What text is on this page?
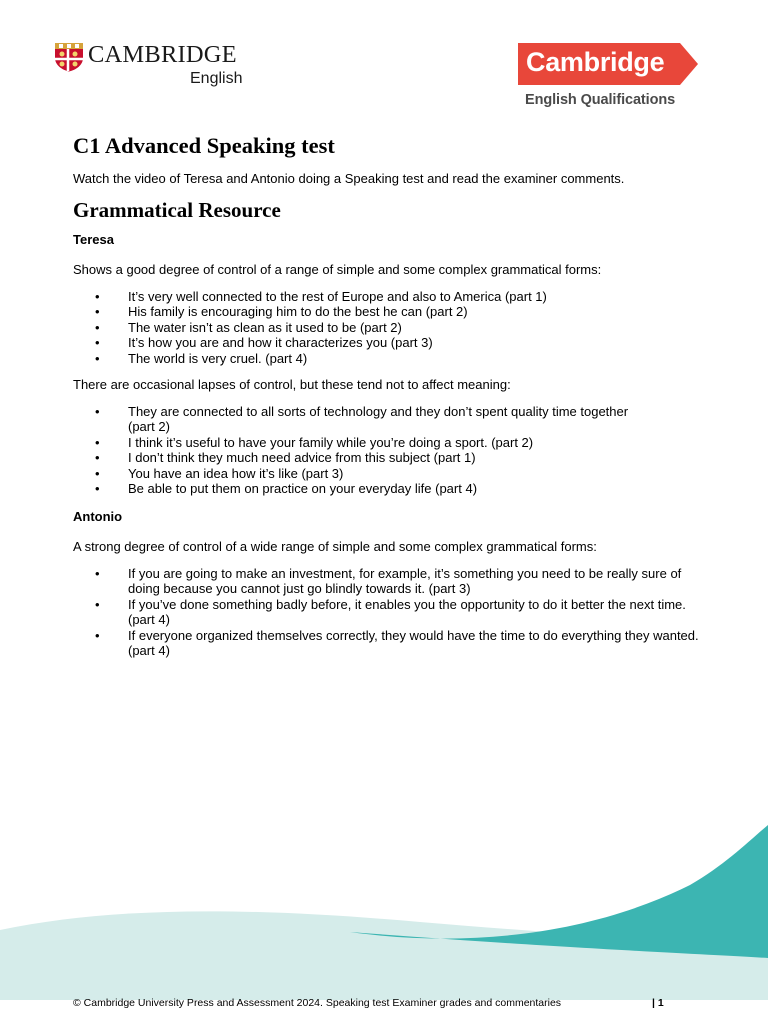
CAMBRIDGE
English
Cambridge
English Qualifications
C1 Advanced Speaking test

Watch the video of Teresa and Antonio doing a Speaking test and read the examiner comments.

Grammatical Resource

Teresa

Shows a good degree of control of a range of simple and some complex grammatical forms:

• It’s very well connected to the rest of Europe and also to America (part 1)
• His family is encouraging him to do the best he can (part 2)
• The water isn’t as clean as it used to be (part 2)
• It’s how you are and how it characterizes you (part 3)
• The world is very cruel. (part 4)

There are occasional lapses of control, but these tend not to affect meaning:

• They are connected to all sorts of technology and they don’t spent quality time together (part 2)
• I think it’s useful to have your family while you’re doing a sport. (part 2)
• I don’t think they much need advice from this subject (part 1)
• You have an idea how it’s like (part 3)
• Be able to put them on practice on your everyday life (part 4)

Antonio

A strong degree of control of a wide range of simple and some complex grammatical forms:

• If you are going to make an investment, for example, it’s something you need to be really sure of doing because you cannot just go blindly towards it. (part 3)
• If you’ve done something badly before, it enables you the opportunity to do it better the next time. (part 4)
• If everyone organized themselves correctly, they would have the time to do everything they wanted. (part 4)
© Cambridge University Press and Assessment 2024. Speaking test Examiner grades and commentaries	| 1
